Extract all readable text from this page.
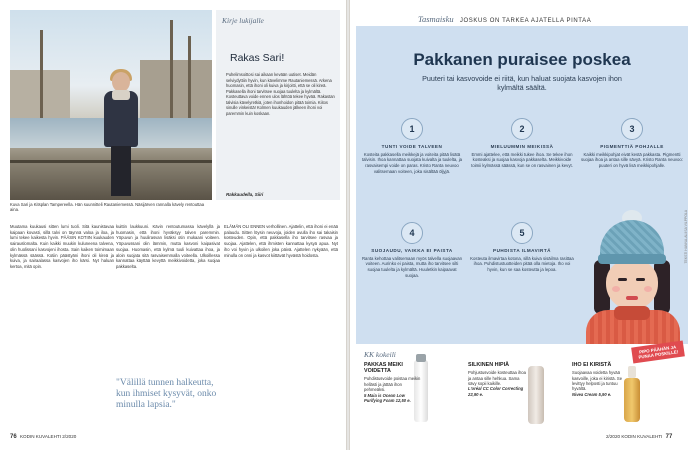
Kuva Sari ja Kitsplan Tampereella. Hän suunnitteli Rautaniemessä. Näsijärven rannalla kävely rentouttaa aina.
Kirje lukijalle
Rakas Sari!
Puhelimsoittosi sai aikaan kevään uutiset. Meidän selviydyttiin hyvin, kun kävelimme Rautaniemessä. Arkena huomasin, että ihoni oli kuiva ja kirjoitti, että se oli kireä. Pakkasella ihoni tarvitsee suojaa tuulelta ja kylmältä. Kosteuttava voide ennen ulos lähtöä tekee hyvää. Rakastan talvisia kävelyretkiä, joten ihonhoidon pitää toimia. Kiitos sinulle vinkeistä! Kolmen kuukauden jälkeen ihoni voi paremmin kuin koskaan.
Rakkaudella, Siiri
Muutama kuukausi sitten lumi tuoli. Sitä kaunistavaa kaipaan kovasti, sillä talvi on täynnä valoa ja iloa, ja lumi tekee kaikesta hyvin. PÄÄSIN KOTIIN kuukauden sairauslomalta. Kuin kaikki muukin kuluneena talvena, olin huolissani kasvojeni ihosta. Sain kaiken toimimaan kylmässä säässä. Kotiin päästyäni ihoni oli kireä ja kuiva, ja sairaalassa kasvojen iho kärsi. Nyt haluan kertoa, mitä opin.
kuittin laukkuuni. Kävin rentoutumassa kävelyllä ja huomasin, että ihoni hyväksyy talven paremmin. Yöpuvun ja huulirasvan lisäksi otin mukaani voiteen. Yöpuvussani olin lämmin, mutta kasvoni kaipasivat suojaa. Huomasin, että kylmä tuuli kuivattaa ihoa, ja aloin suojata sitä rasvaisemmalla voiteella. Ulkoillessa kannattaa käyttää kevyttä meikkivoidetta, joka suojaa pakkaselta.
ELÄMÄN OLI ENNEN verhollinen. Ajattelin, että ihoni ei enää palaudu. Sitten löysin neuvoja, joiden avulla iho sai takaisin kosteuden. Opin, että pakkasella iho tarvitsee rasvaa ja suojaa. Ajattelen, että ihmisten kannattaa kysyä apua. Nyt iho voi hyvin ja ulkoilen joka päivä. Ajattelen nykyään, että minulla on onni ja kasvot kiittävät hyvästä hoidosta.
"Välillä tunnen halkeutta, kun ihmiset kysyvät, onko minulla lapsia."
76 KODIN KUVALEHTI 2/2020
Tasmaisku JOSKUS ON TARKEA AJATELLA PINTAA
Pakkanen puraisee poskea
Puuteri tai kasvovoide ei riitä, kun haluat suojata kasvojen ihon kylmältä säältä.
1
TUNTI VOIDE TALVEEN
Kosteita pakkasella meikkejä ja voiteita pitää lisätä talvisin. Ihoa kannattaa suojata kuivalta ja tuulelta, ja rasvaisempi voide on paras. Kristo Ranta neuvoo valitsemaan voiteen, joka sisältää öljyjä.
2
MIELUUMMIN MEIKISSÄ
Emmi ajattelee, että meikki tukee ihoa. Se tekee ihon kosteaksi ja suojaa kasvoja pakkaselta. Meikkivoide toimii kylmässä säässä, kun se on rasvainen ja kevyt.
3
PIGMENTTIÄ POHJALLE
Kaikki meikkipohjat eivät kestä pakkasta. Pigmentti suojaa ihoa ja antaa sille sävyä. Kristo Ranta neuvoo: puuteri on hyvä lisä meikkipohjalle.
4
SUOJAUDU, VAIKKA EI PAISTA
Ranta kehottaa valitsemaan myös talvella suojaavan voiteen. Aurinko ei paista, mutta iho tarvitsee silti suojaa tuulelta ja kylmältä. Huuletkin kaipaavat suojaa.
5
PUHDISTA ILMAVIRTÄ
Kosteuta ilmavirtaa kotona, sillä kuiva sisäilma rasittaa ihoa. Puhdistustuotteiden pitää olla mietoja. Iho voi hyvin, kun se saa kosteutta ja lepoa.
TEKSTI HANNA-ALIISA VILPPOLA
PIPO PÄÄHÄN JA PUNAA POSKILLE!
KK kokeili
PAKKAS MEIKI VOIDETTA
Puhdistusvoide poistaa meikin hellästi ja jättää ihon pehmeäksi.
5 Maia is Ocean Low Purifying Foam 12,50 e.
SILKINEN HIPIÄ
Pohjustusvoide kosteuttaa ihoa ja antaa sille hehkua. Sama sävy sopii kaikille.
L'oréal CC Color Correcting 22,90 e.
IHO EI KIRISTÄ
Suojaavaa voidetta hyvää kasvoille, joka ei kiristä. Se levittyy helposti ja tuntuu hyvältä.
Nivea Cream 5,90 e.
2/2020 KODIN KUVALEHTI 77
